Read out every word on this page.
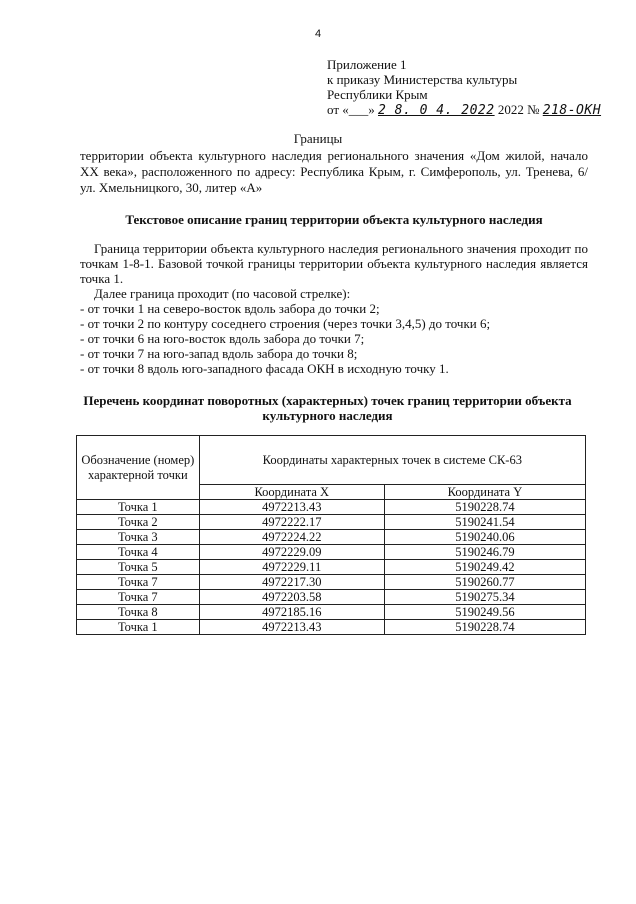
4
Приложение 1
к приказу Министерства культуры
Республики Крым
от «___» 2 8. 0 4. 2022 2022 № 218-ОКН
Границы
территории объекта культурного наследия регионального значения «Дом жилой, начало XX века», расположенного по адресу: Республика Крым, г. Симферополь, ул. Тренева, 6/ ул. Хмельницкого, 30, литер «А»
Текстовое описание границ территории объекта культурного наследия
Граница территории объекта культурного наследия регионального значения проходит по точкам 1-8-1. Базовой точкой границы территории объекта культурного наследия является точка 1.
Далее граница проходит (по часовой стрелке):
- от точки 1 на северо-восток вдоль забора до точки 2;
- от точки 2 по контуру соседнего строения (через точки 3,4,5) до точки 6;
- от точки 6 на юго-восток вдоль забора до точки 7;
- от точки 7 на юго-запад вдоль забора до точки 8;
- от точки 8 вдоль юго-западного фасада ОКН в исходную точку 1.
Перечень координат поворотных (характерных) точек границ территории объекта культурного наследия
Обозначение (номер) характерной точки	Координаты характерных точек в системе СК-63	
	Координата X	Координата Y
Точка 1	4972213.43	5190228.74
Точка 2	4972222.17	5190241.54
Точка 3	4972224.22	5190240.06
Точка 4	4972229.09	5190246.79
Точка 5	4972229.11	5190249.42
Точка 7	4972217.30	5190260.77
Точка 7	4972203.58	5190275.34
Точка 8	4972185.16	5190249.56
Точка 1	4972213.43	5190228.74
